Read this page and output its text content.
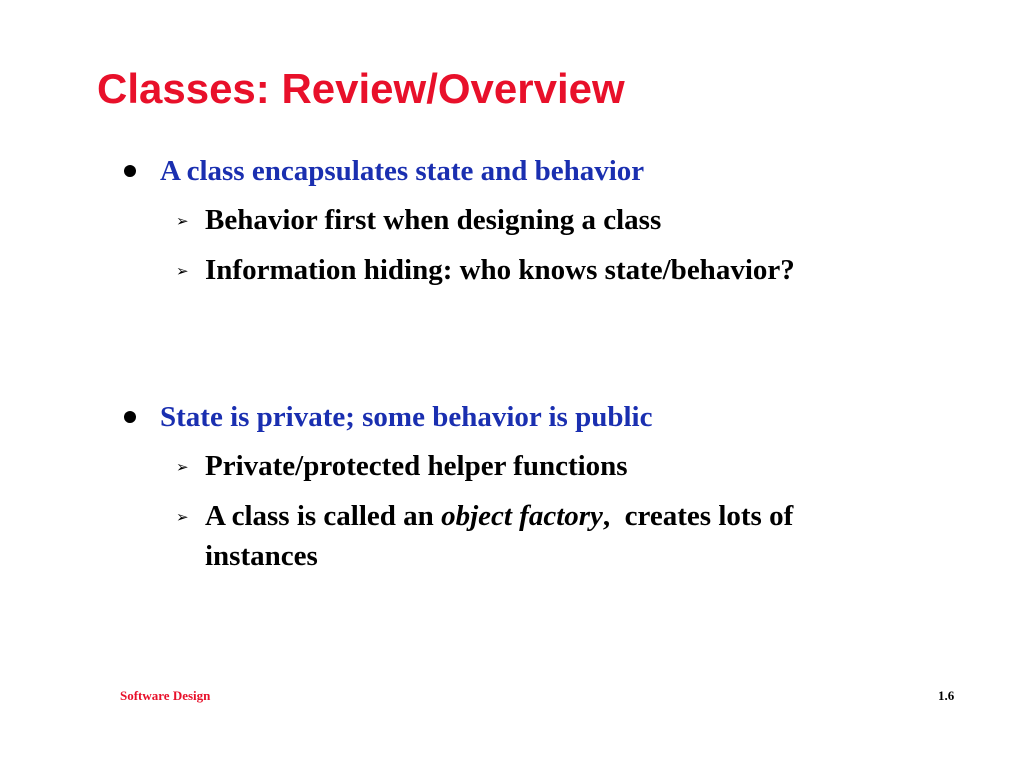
Classes: Review/Overview
A class encapsulates state and behavior
➢ Behavior first when designing a class
➢ Information hiding: who knows state/behavior?
State is private; some behavior is public
➢ Private/protected helper functions
➢ A class is called an object factory,  creates lots of
instances
Software Design	1.6
